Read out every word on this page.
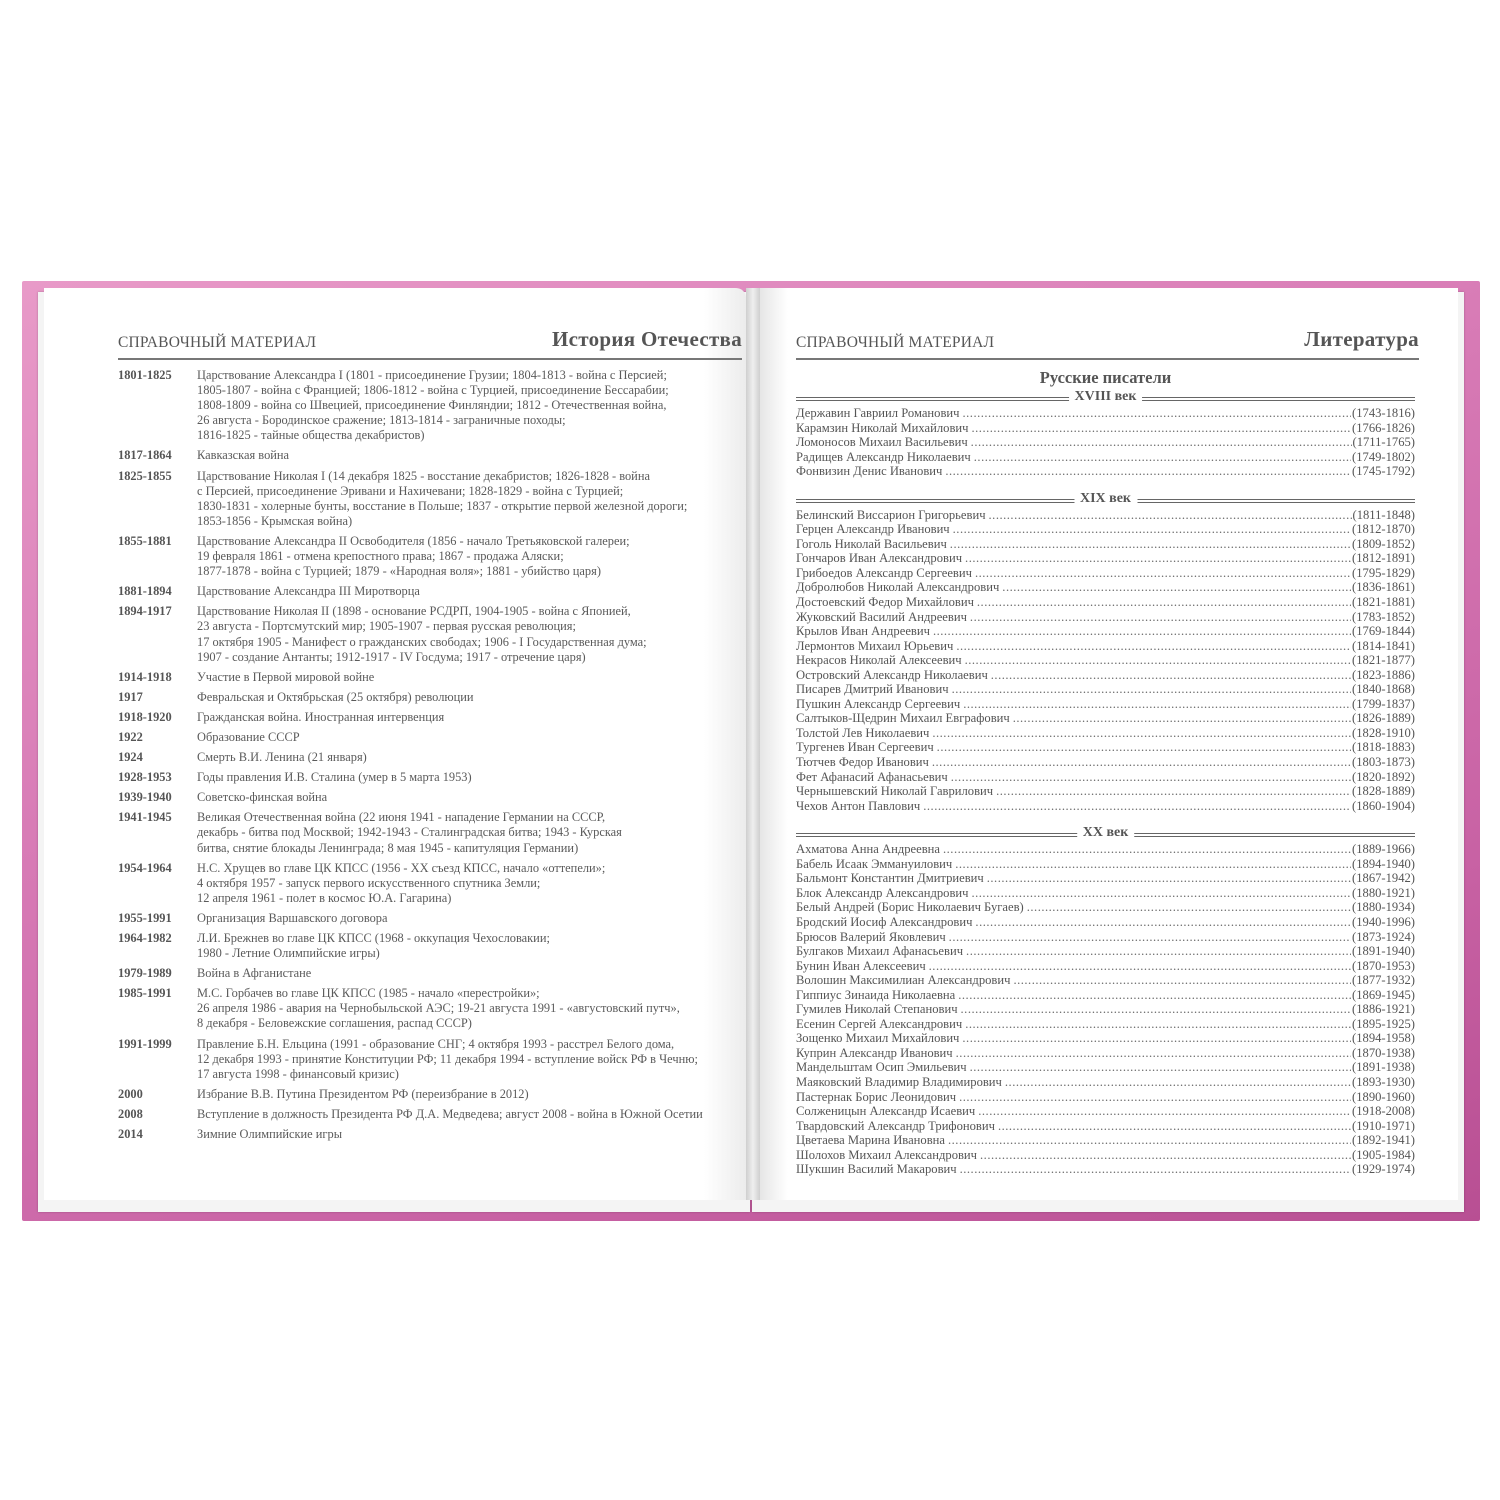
СПРАВОЧНЫЙ МАТЕРИАЛ	История Отечества
1801-1825	Царствование Александра I (1801 - присоединение Грузии; 1804-1813 - война с Персией;
1805-1807 - война с Францией; 1806-1812 - война с Турцией, присоединение Бессарабии;
1808-1809 - война со Швецией, присоединение Финляндии; 1812 - Отечественная война,
26 августа - Бородинское сражение; 1813-1814 - заграничные походы;
1816-1825 - тайные общества декабристов)
1817-1864	Кавказская война
1825-1855	Царствование Николая I (14 декабря 1825 - восстание декабристов; 1826-1828 - война
с Персией, присоединение Эривани и Нахичевани; 1828-1829 - война с Турцией;
1830-1831 - холерные бунты, восстание в Польше; 1837 - открытие первой железной дороги;
1853-1856 - Крымская война)
1855-1881	Царствование Александра II Освободителя (1856 - начало Третьяковской галереи;
19 февраля 1861 - отмена крепостного права; 1867 - продажа Аляски;
1877-1878 - война с Турцией; 1879 - «Народная воля»; 1881 - убийство царя)
1881-1894	Царствование Александра III Миротворца
1894-1917	Царствование Николая II (1898 - основание РСДРП, 1904-1905 - война с Японией,
23 августа - Портсмутский мир; 1905-1907 - первая русская революция;
17 октября 1905 - Манифест о гражданских свободах; 1906 - I Государственная дума;
1907 - создание Антанты; 1912-1917 - IV Госдума; 1917 - отречение царя)
1914-1918	Участие в Первой мировой войне
1917	Февральская и Октябрьская (25 октября) революции
1918-1920	Гражданская война. Иностранная интервенция
1922	Образование СССР
1924	Смерть В.И. Ленина (21 января)
1928-1953	Годы правления И.В. Сталина (умер в 5 марта 1953)
1939-1940	Советско-финская война
1941-1945	Великая Отечественная война (22 июня 1941 - нападение Германии на СССР,
декабрь - битва под Москвой; 1942-1943 - Сталинградская битва; 1943 - Курская
битва, снятие блокады Ленинграда; 8 мая 1945 - капитуляция Германии)
1954-1964	Н.С. Хрущев во главе ЦК КПСС (1956 - XX съезд КПСС, начало «оттепели»;
4 октября 1957 - запуск первого искусственного спутника Земли;
12 апреля 1961 - полет в космос Ю.А. Гагарина)
1955-1991	Организация Варшавского договора
1964-1982	Л.И. Брежнев во главе ЦК КПСС (1968 - оккупация Чехословакии;
1980 - Летние Олимпийские игры)
1979-1989	Война в Афганистане
1985-1991	М.С. Горбачев во главе ЦК КПСС (1985 - начало «перестройки»;
26 апреля 1986 - авария на Чернобыльской АЭС; 19-21 августа 1991 - «августовский путч»,
8 декабря - Беловежские соглашения, распад СССР)
1991-1999	Правление Б.Н. Ельцина (1991 - образование СНГ; 4 октября 1993 - расстрел Белого дома,
12 декабря 1993 - принятие Конституции РФ; 11 декабря 1994 - вступление войск РФ в Чечню;
17 августа 1998 - финансовый кризис)
2000	Избрание В.В. Путина Президентом РФ (переизбрание в 2012)
2008	Вступление в должность Президента РФ Д.А. Медведева; август 2008 - война в Южной Осетии
2014	Зимние Олимпийские игры
СПРАВОЧНЫЙ МАТЕРИАЛ	Литература
Русские писатели
XVIII век
Державин Гавриил Романович .....	(1743-1816)
Карамзин Николай Михайлович .....	(1766-1826)
Ломоносов Михаил Васильевич .....	(1711-1765)
Радищев Александр Николаевич .....	(1749-1802)
Фонвизин Денис Иванович .....	(1745-1792)
XIX век
Белинский Виссарион Григорьевич .....	(1811-1848)
Герцен Александр Иванович .....	(1812-1870)
Гоголь Николай Васильевич .....	(1809-1852)
Гончаров Иван Александрович .....	(1812-1891)
Грибоедов Александр Сергеевич .....	(1795-1829)
Добролюбов Николай Александрович .....	(1836-1861)
Достоевский Федор Михайлович .....	(1821-1881)
Жуковский Василий Андреевич .....	(1783-1852)
Крылов Иван Андреевич .....	(1769-1844)
Лермонтов Михаил Юрьевич .....	(1814-1841)
Некрасов Николай Алексеевич .....	(1821-1877)
Островский Александр Николаевич .....	(1823-1886)
Писарев Дмитрий Иванович .....	(1840-1868)
Пушкин Александр Сергеевич .....	(1799-1837)
Салтыков-Щедрин Михаил Евграфович .....	(1826-1889)
Толстой Лев Николаевич .....	(1828-1910)
Тургенев Иван Сергеевич .....	(1818-1883)
Тютчев Федор Иванович .....	(1803-1873)
Фет Афанасий Афанасьевич .....	(1820-1892)
Чернышевский Николай Гаврилович .....	(1828-1889)
Чехов Антон Павлович .....	(1860-1904)
XX век
Ахматова Анна Андреевна .....	(1889-1966)
Бабель Исаак Эммануилович .....	(1894-1940)
Бальмонт Константин Дмитриевич .....	(1867-1942)
Блок Александр Александрович .....	(1880-1921)
Белый Андрей (Борис Николаевич Бугаев) .....	(1880-1934)
Бродский Иосиф Александрович .....	(1940-1996)
Брюсов Валерий Яковлевич .....	(1873-1924)
Булгаков Михаил Афанасьевич .....	(1891-1940)
Бунин Иван Алексеевич .....	(1870-1953)
Волошин Максимилиан Александрович .....	(1877-1932)
Гиппиус Зинаида Николаевна .....	(1869-1945)
Гумилев Николай Степанович .....	(1886-1921)
Есенин Сергей Александрович .....	(1895-1925)
Зощенко Михаил Михайлович .....	(1894-1958)
Куприн Александр Иванович .....	(1870-1938)
Мандельштам Осип Эмильевич .....	(1891-1938)
Маяковский Владимир Владимирович .....	(1893-1930)
Пастернак Борис Леонидович .....	(1890-1960)
Солженицын Александр Исаевич .....	(1918-2008)
Твардовский Александр Трифонович .....	(1910-1971)
Цветаева Марина Ивановна .....	(1892-1941)
Шолохов Михаил Александрович .....	(1905-1984)
Шукшин Василий Макарович .....	(1929-1974)
